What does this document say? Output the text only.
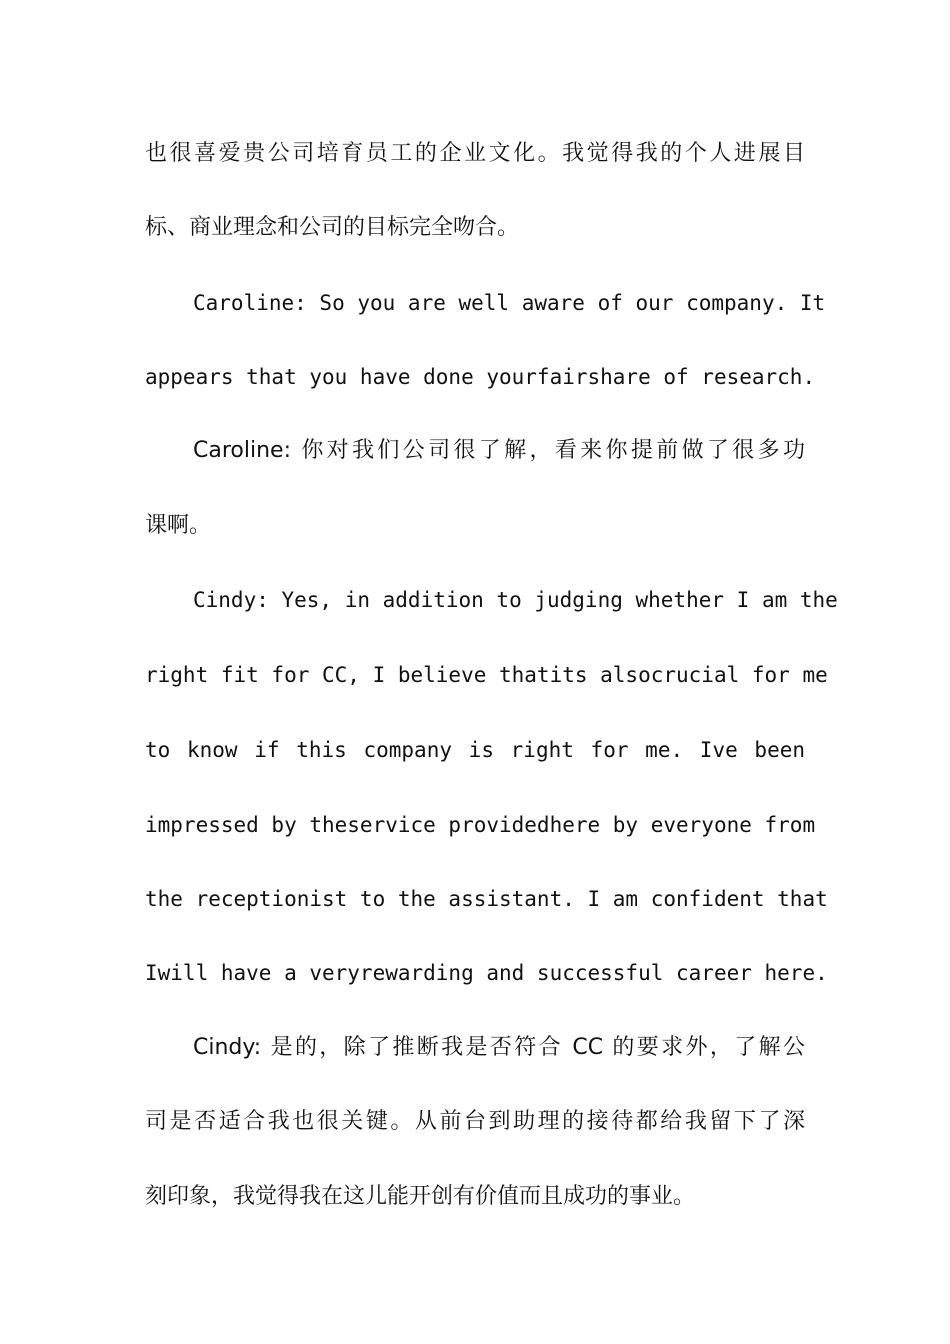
也很喜爱贵公司培育员工的企业文化。我觉得我的个人进展目
标、商业理念和公司的目标完全吻合。
Caroline: So you are well aware of our company. It
appears that you have done yourfairshare of research.
Caroline: 你对我们公司很了解，看来你提前做了很多功
课啊。
Cindy: Yes, in addition to judging whether I am the
right fit for CC, I believe thatits alsocrucial for me
to know if this company is right for me. Ive been
impressed by theservice providedhere by everyone from
the receptionist to the assistant. I am confident that
Iwill have a veryrewarding and successful career here.
Cindy: 是的，除了推断我是否符合 CC 的要求外，了解公
司是否适合我也很关键。从前台到助理的接待都给我留下了深
刻印象，我觉得我在这儿能开创有价值而且成功的事业。
